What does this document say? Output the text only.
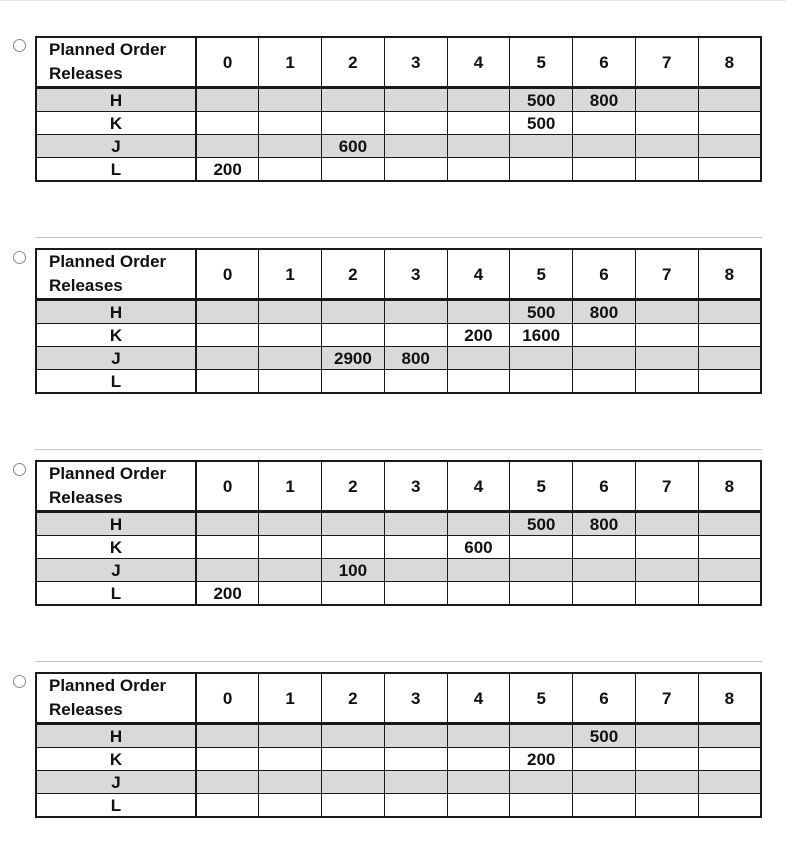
Planned Order
Releases	0	1	2	3	4	5	6	7	8
H						500	800		
K						500			
J			600						
L	200								
Planned Order
Releases	0	1	2	3	4	5	6	7	8
H						500	800		
K					200	1600			
J			2900	800					
L									
Planned Order
Releases	0	1	2	3	4	5	6	7	8
H						500	800		
K					600				
J			100						
L	200								
Planned Order
Releases	0	1	2	3	4	5	6	7	8
H							500		
K						200			
J									
L									
